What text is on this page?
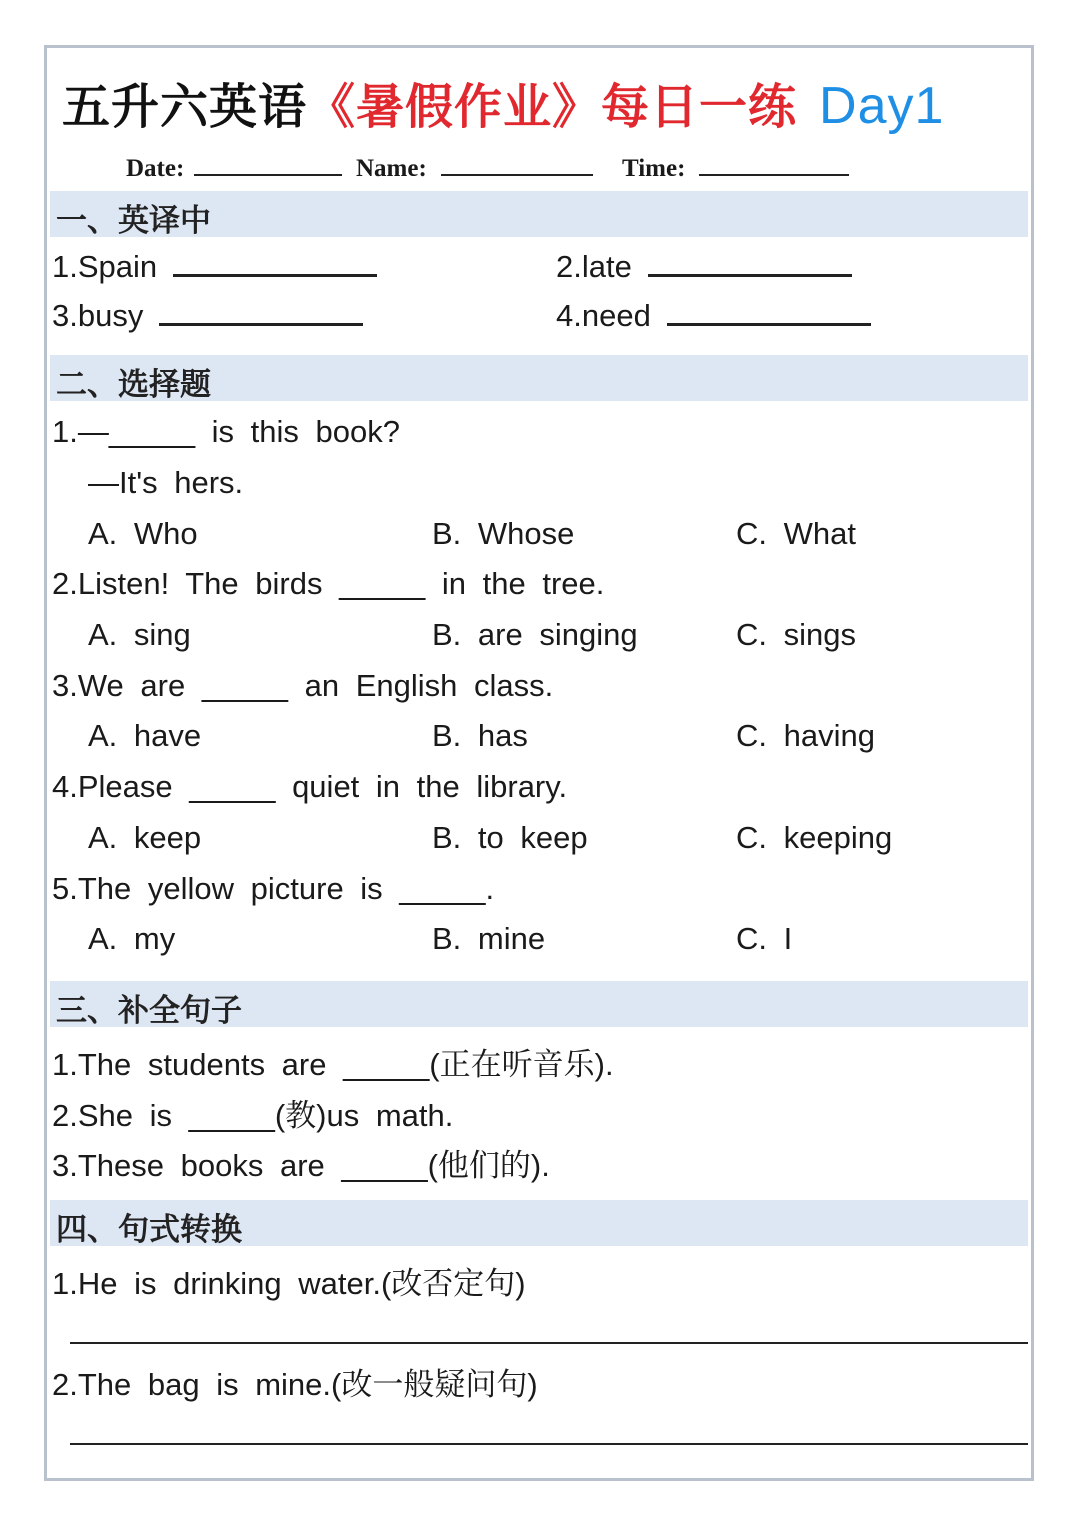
五升六英语《暑假作业》每日一练 Day1
Date:	Name:	Time:
一、英译中
1.Spain	2.late
3.busy	4.need
二、选择题
1.—_____ is this book?
—It's hers.
A. Who	B. Whose	C. What
2.Listen! The birds _____ in the tree.
A. sing	B. are singing	C. sings
3.We are _____ an English class.
A. have	B. has	C. having
4.Please _____ quiet in the library.
A. keep	B. to keep	C. keeping
5.The yellow picture is _____.
A. my	B. mine	C. I
三、补全句子
1.The students are _____(正在听音乐).
2.She is _____(教)us math.
3.These books are _____(他们的).
四、句式转换
1.He is drinking water.(改否定句)
2.The bag is mine.(改一般疑问句)
